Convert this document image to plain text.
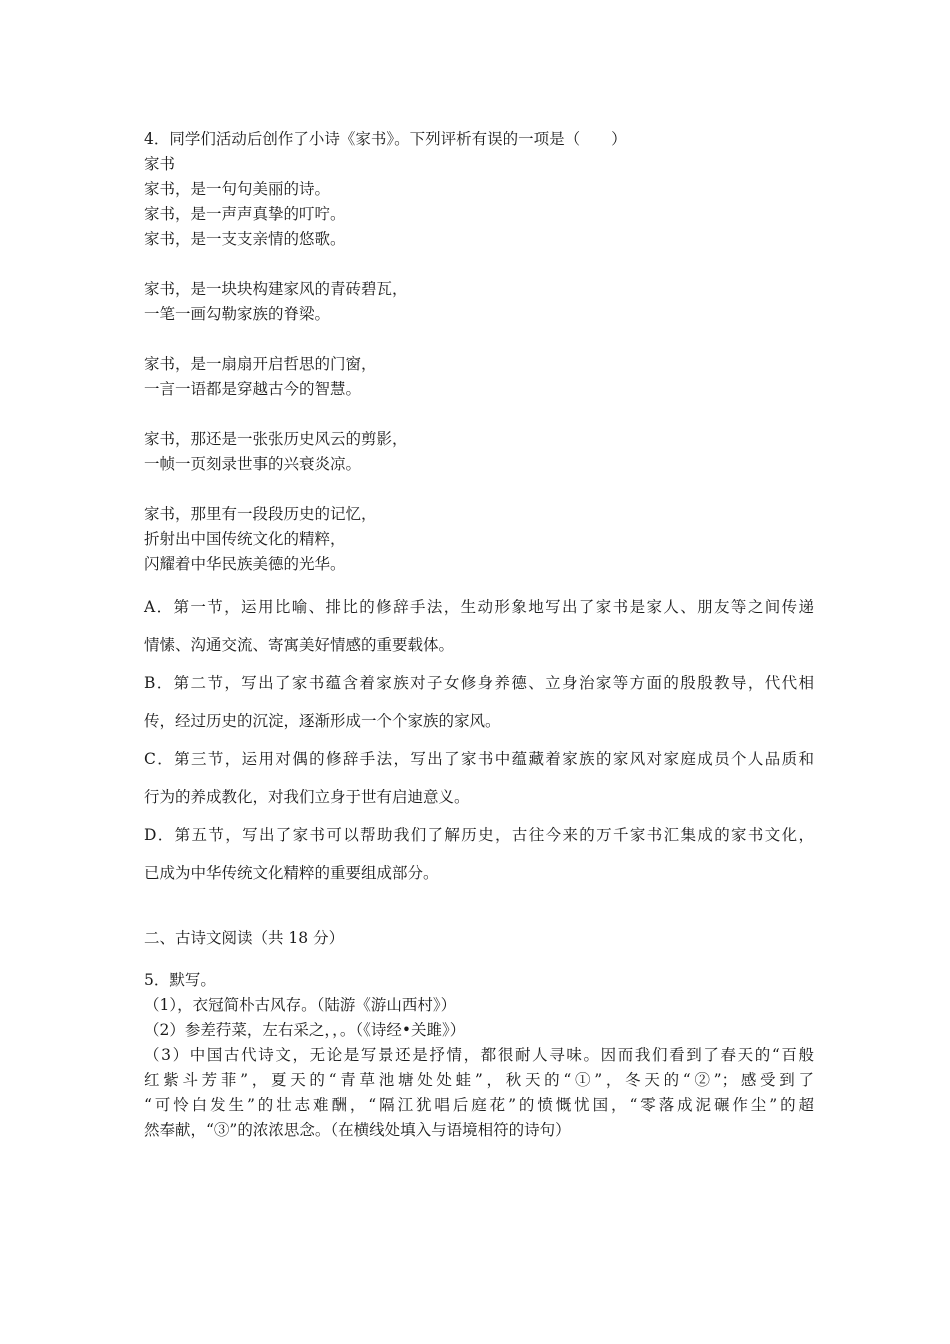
4．同学们活动后创作了小诗《家书》。下列评析有误的一项是（　　）
家书
家书，是一句句美丽的诗。
家书，是一声声真挚的叮咛。
家书，是一支支亲情的悠歌。
家书，是一块块构建家风的青砖碧瓦，
一笔一画勾勒家族的脊梁。
家书，是一扇扇开启哲思的门窗，
一言一语都是穿越古今的智慧。
家书，那还是一张张历史风云的剪影，
一帧一页刻录世事的兴衰炎凉。
家书，那里有一段段历史的记忆，
折射出中国传统文化的精粹，
闪耀着中华民族美德的光华。
A．第一节，运用比喻、排比的修辞手法，生动形象地写出了家书是家人、朋友等之间传递
情愫、沟通交流、寄寓美好情感的重要载体。
B．第二节，写出了家书蕴含着家族对子女修身养德、立身治家等方面的殷殷教导，代代相
传，经过历史的沉淀，逐渐形成一个个家族的家风。
C．第三节，运用对偶的修辞手法，写出了家书中蕴藏着家族的家风对家庭成员个人品质和
行为的养成教化，对我们立身于世有启迪意义。
D．第五节，写出了家书可以帮助我们了解历史，古往今来的万千家书汇集成的家书文化，
已成为中华传统文化精粹的重要组成部分。
二、古诗文阅读（共 18 分）
5．默写。
（1），衣冠简朴古风存。（陆游《游山西村》）
（2）参差荇菜，左右采之，，。（《诗经•关雎》）
（3）中国古代诗文，无论是写景还是抒情，都很耐人寻味。因而我们看到了春天的“百般
红紫斗芳菲”，夏天的“青草池塘处处蛙”，秋天的“①”，冬天的“②”；感受到了
“可怜白发生”的壮志难酬，“隔江犹唱后庭花”的愤慨忧国，“零落成泥碾作尘”的超
然奉献，“③”的浓浓思念。（在横线处填入与语境相符的诗句）
